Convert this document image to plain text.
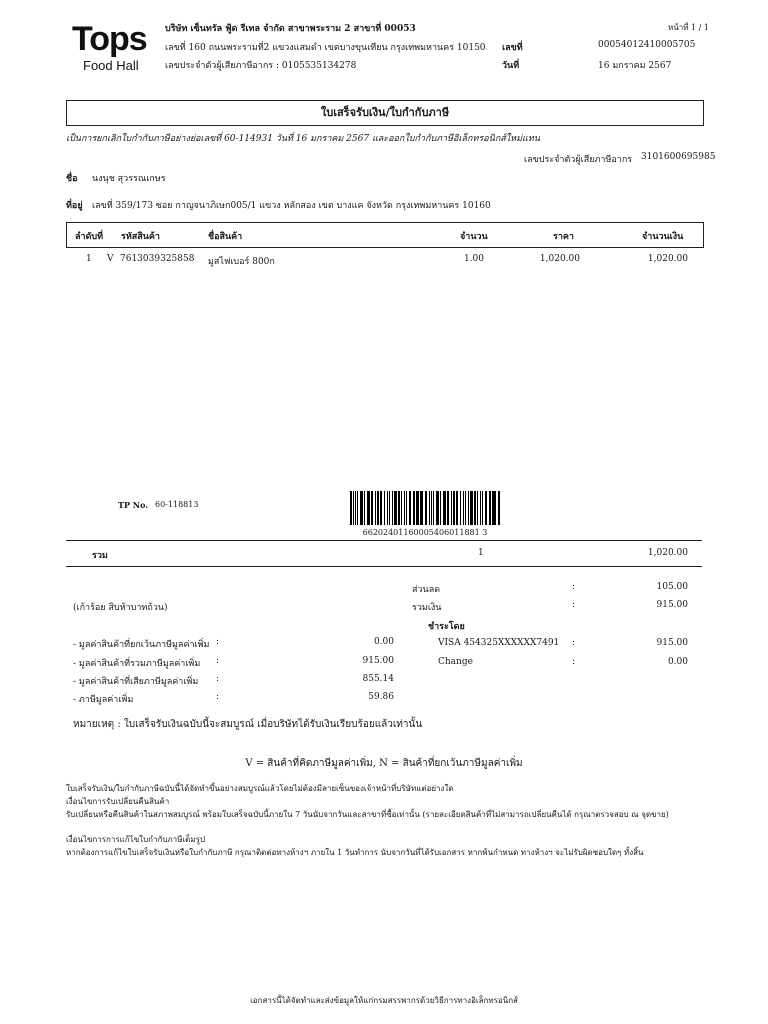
Tops
Food Hall
บริษัท เซ็นทรัล ฟู้ด รีเทล จำกัด สาขาพระราม 2 สาขาที่ 00053
เลขที่ 160 ถนนพระรามที่2 แขวงแสมดำ เขตบางขุนเทียน กรุงเทพมหานคร 10150
เลขประจำตัวผู้เสียภาษีอากร : 0105535134278
หน้าที่ 1 / 1
เลขที่	00054012410005705
วันที่	16 มกราคม 2567
ใบเสร็จรับเงิน/ใบกำกับภาษี
เป็นการยกเลิกใบกำกับภาษีอย่างย่อเลขที่ 60-114931 วันที่ 16 มกราคม 2567 และออกใบกำกับภาษีอิเล็กทรอนิกส์ใหม่แทน
เลขประจำตัวผู้เสียภาษีอากร 3101600695985
ชื่อ นงนุช สุวรรณเกษร
ที่อยู่ เลขที่ 359/173 ซอย กาญจนาภิเษก005/1 แขวง หลักสอง เขต บางแค จังหวัด กรุงเทพมหานคร 10160
ลำดับที่ รหัสสินค้า	ชื่อสินค้า	จำนวน	ราคา	จำนวนเงิน
1 V 7613039325858 มูสไฟเบอร์ 800ก	1.00	1,020.00	1,020.00
TP No. 60-118813
66202401160005406011881 3
รวม	1	1,020.00
ส่วนลด	:	105.00
(เก้าร้อย สิบห้าบาทถ้วน)	รวมเงิน	:	915.00
ชำระโดย
VISA 454325XXXXXX7491 :	915.00
Change	:	0.00
- มูลค่าสินค้าที่ยกเว้นภาษีมูลค่าเพิ่ม :	0.00
- มูลค่าสินค้าที่รวมภาษีมูลค่าเพิ่ม :	915.00
- มูลค่าสินค้าที่เสียภาษีมูลค่าเพิ่ม :	855.14
- ภาษีมูลค่าเพิ่ม	:	59.86
หมายเหตุ : ใบเสร็จรับเงินฉบับนี้จะสมบูรณ์ เมื่อบริษัทได้รับเงินเรียบร้อยแล้วเท่านั้น
V = สินค้าที่คิดภาษีมูลค่าเพิ่ม, N = สินค้าที่ยกเว้นภาษีมูลค่าเพิ่ม
ใบเสร็จรับเงิน/ใบกำกับภาษีฉบับนี้ได้จัดทำขึ้นอย่างสมบูรณ์แล้วโดยไม่ต้องมีลายเซ็นของเจ้าหน้าที่บริษัทแต่อย่างใด
เงื่อนไขการรับเปลี่ยนคืนสินค้า
รับเปลี่ยนหรือคืนสินค้าในสภาพสมบูรณ์ พร้อมใบเสร็จฉบับนี้ภายใน 7 วันนับจากวันและสาขาที่ซื้อเท่านั้น (รายละเอียดสินค้าที่ไม่สามารถเปลี่ยนคืนได้ กรุณาตรวจสอบ ณ จุดขาย)
เงื่อนไขการการแก้ไขใบกำกับภาษีเต็มรูป
หากต้องการแก้ไขใบเสร็จรับเงินหรือใบกำกับภาษี กรุณาติดต่อทางห้างฯ ภายใน 1 วันทำการ นับจากวันที่ได้รับเอกสาร หากพ้นกำหนด ทางห้างฯ จะไม่รับผิดชอบใดๆ ทั้งสิ้น
เอกสารนี้ได้จัดทำและส่งข้อมูลให้แก่กรมสรรพากรด้วยวิธีการทางอิเล็กทรอนิกส์
